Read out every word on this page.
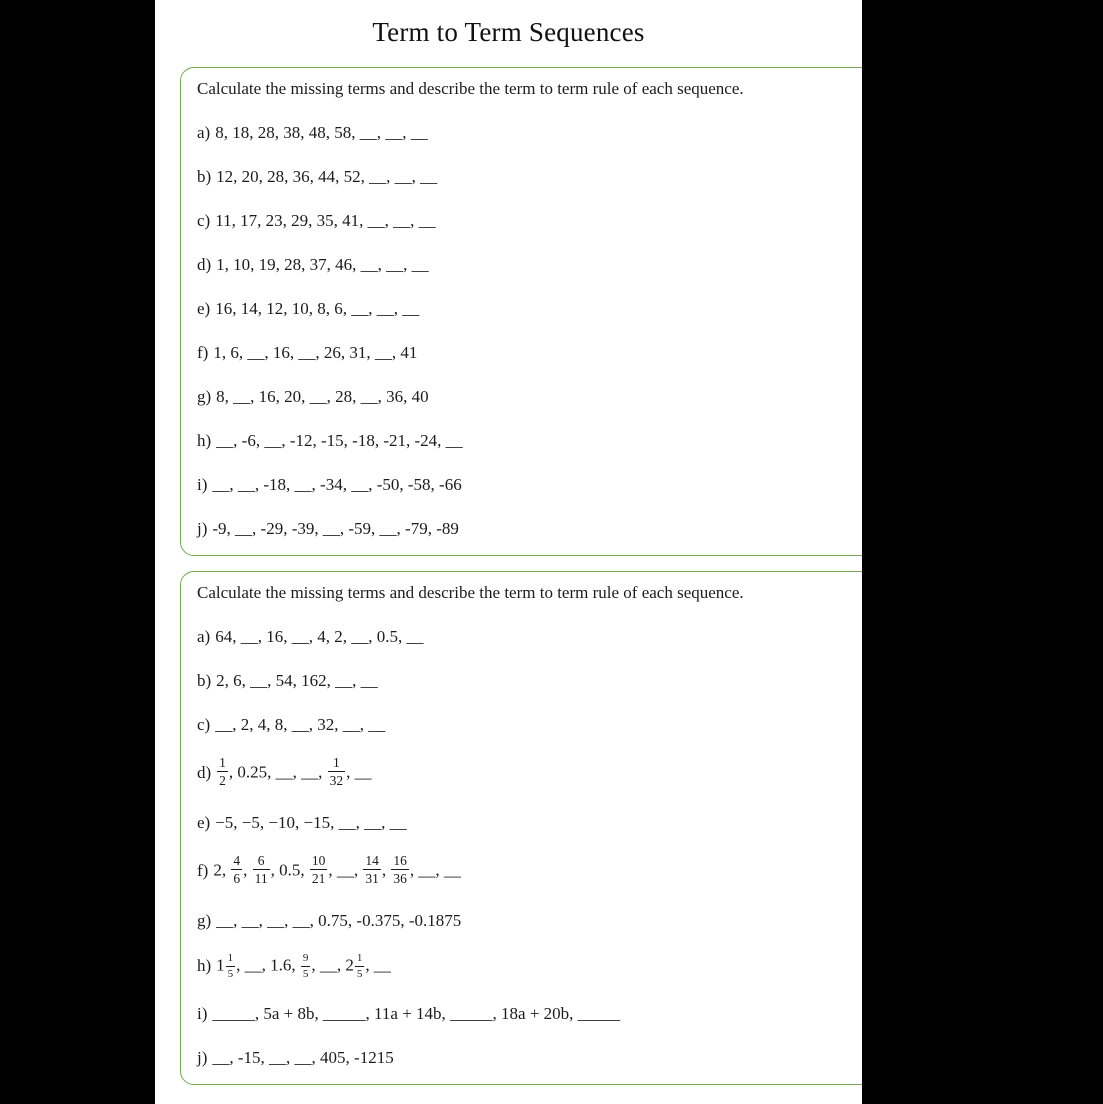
Term to Term Sequences

Calculate the missing terms and describe the term to term rule of each sequence.

a) 8, 18, 28, 38, 48, 58, __, __, __
b) 12, 20, 28, 36, 44, 52, __, __, __
c) 11, 17, 23, 29, 35, 41, __, __, __
d) 1, 10, 19, 28, 37, 46, __, __, __
e) 16, 14, 12, 10, 8, 6, __, __, __
f) 1, 6, __, 16, __, 26, 31, __, 41
g) 8, __, 16, 20, __, 28, __, 36, 40
h) __, -6, __, -12, -15, -18, -21, -24, __
i) __, __, -18, __, -34, __, -50, -58, -66
j) -9, __, -29, -39, __, -59, __, -79, -89

Calculate the missing terms and describe the term to term rule of each sequence.

a) 64, __, 16, __, 4, 2, __, 0.5, __
b) 2, 6, __, 54, 162, __, __
c) __, 2, 4, 8, __, 32, __, __
$d) \frac{1}{2}$ , 0.25, __, __, $\frac{1}{32}$ , __
e) −5, −5, −10, −15, __, __, __
f) 2, $\frac{4}{6}$ , $\frac{6}{11}$ , 0.5, $\frac{10}{21}$ , __, $\frac{14}{31}$ , $\frac{16}{36}$ , __, __
g) __, __, __, __, 0.75, -0.375, -0.1875
h) $1 \frac{1}{5}$ , __, 1.6, $\frac{9}{5}$ , __, $2 \frac{1}{5}$ , __
i) _____, 5a + 8b, _____, 11a + 14b, _____, 18a + 20b, _____
j) __, -15, __, __, 405, -1215
